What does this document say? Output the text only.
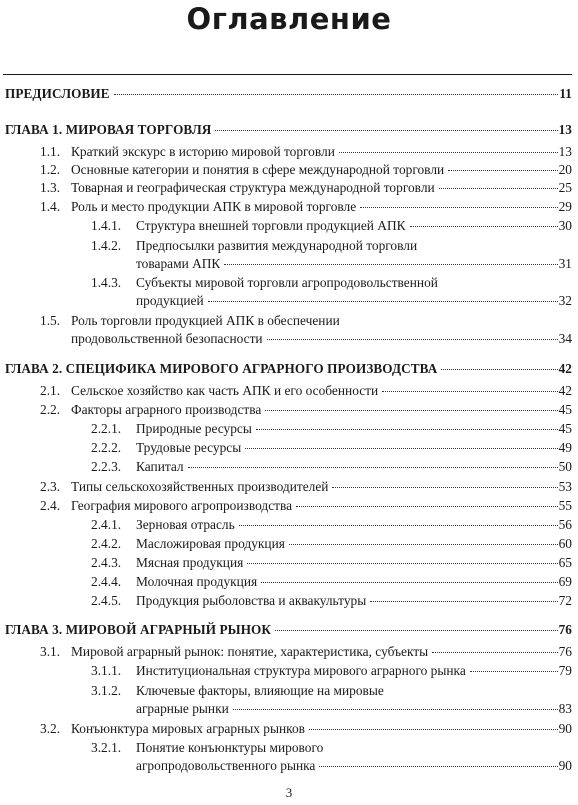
Оглавление
ПРЕДИСЛОВИЕ	11
ГЛАВА 1. МИРОВАЯ ТОРГОВЛЯ	13
1.1. Краткий экскурс в историю мировой торговли	13
1.2. Основные категории и понятия в сфере международной торговли	20
1.3. Товарная и географическая структура международной торговли	25
1.4. Роль и место продукции АПК в мировой торговле	29
1.4.1. Структура внешней торговли продукцией АПК	30
1.4.2. Предпосылки развития международной торговли
товарами АПК	31
1.4.3. Субъекты мировой торговли агропродовольственной
продукцией	32
1.5. Роль торговли продукцией АПК в обеспечении
продовольственной безопасности	34
ГЛАВА 2. СПЕЦИФИКА МИРОВОГО АГРАРНОГО ПРОИЗВОДСТВА	42
2.1. Сельское хозяйство как часть АПК и его особенности	42
2.2. Факторы аграрного производства	45
2.2.1. Природные ресурсы	45
2.2.2. Трудовые ресурсы	49
2.2.3. Капитал	50
2.3. Типы сельскохозяйственных производителей	53
2.4. География мирового агропроизводства	55
2.4.1. Зерновая отрасль	56
2.4.2. Масложировая продукция	60
2.4.3. Мясная продукция	65
2.4.4. Молочная продукция	69
2.4.5. Продукция рыболовства и аквакультуры	72
ГЛАВА 3. МИРОВОЙ АГРАРНЫЙ РЫНОК	76
3.1. Мировой аграрный рынок: понятие, характеристика, субъекты	76
3.1.1. Институциональная структура мирового аграрного рынка	79
3.1.2. Ключевые факторы, влияющие на мировые
аграрные рынки	83
3.2. Конъюнктура мировых аграрных рынков	90
3.2.1. Понятие конъюнктуры мирового
агропродовольственного рынка	90
3
